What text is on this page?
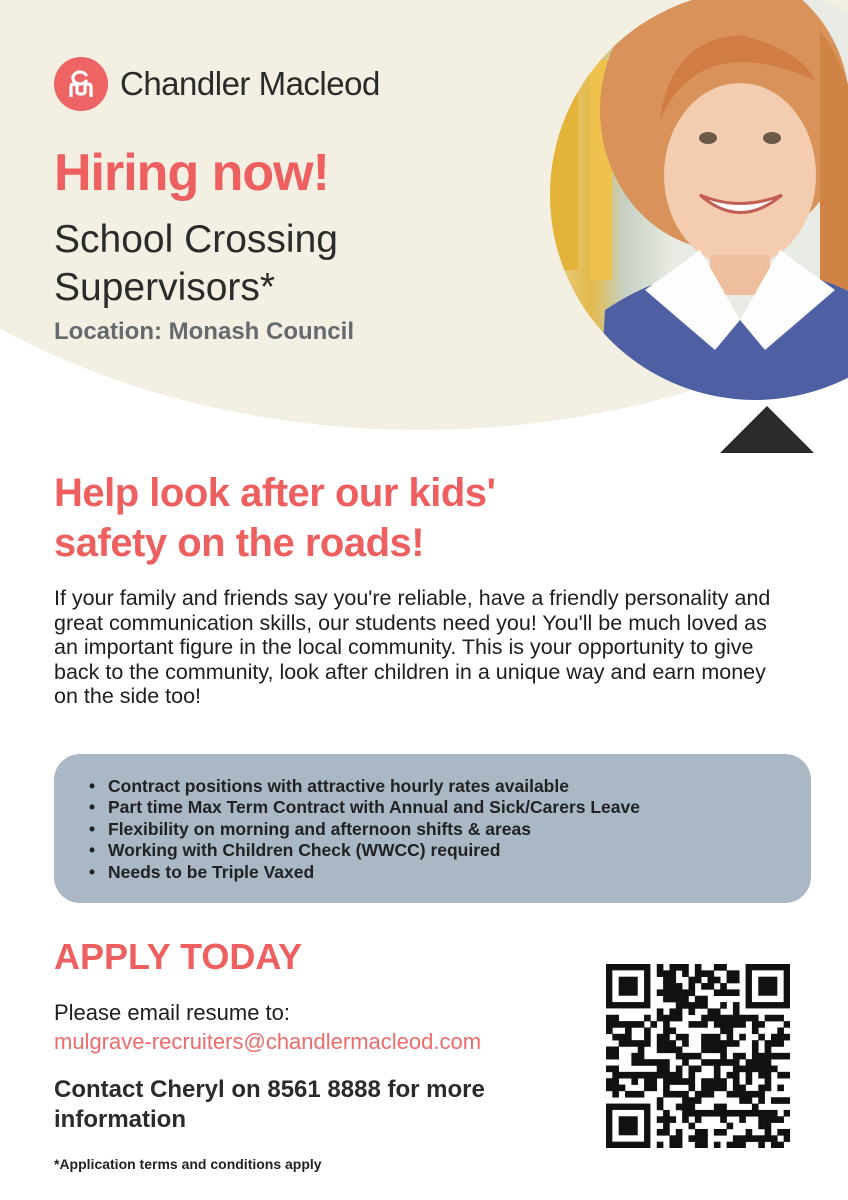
Chandler Macleod
Hiring now!
School Crossing Supervisors*
Location: Monash Council
Help look after our kids'
safety on the roads!

If your family and friends say you're reliable, have a friendly personality and great communication skills, our students need you! You'll be much loved as an important figure in the local community. This is your opportunity to give back to the community, look after children in a unique way and earn money on the side too!

• Contract positions with attractive hourly rates available
• Part time Max Term Contract with Annual and Sick/Carers Leave
• Flexibility on morning and afternoon shifts & areas
• Working with Children Check (WWCC) required
• Needs to be Triple Vaxed
APPLY TODAY
Please email resume to:
mulgrave-recruiters@chandlermacleod.com

Contact Cheryl on 8561 8888 for more information

*Application terms and conditions apply
